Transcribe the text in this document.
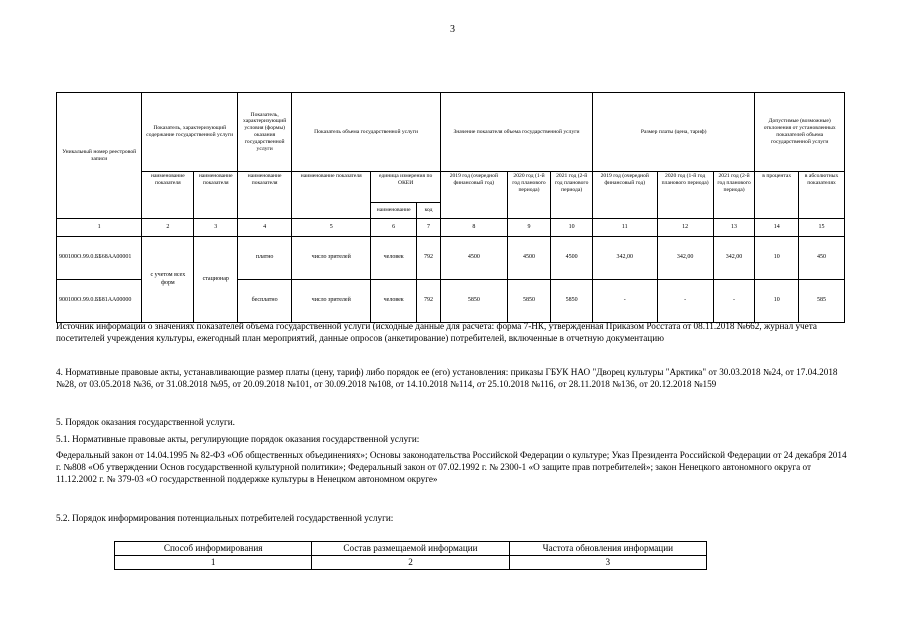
3
Уникальный номер реестровой записи	Показатель, характеризующий содержание государственной услуги		Показатель, характеризующий условия (формы) оказания государственной услуги	Показатель объема государственной услуги			Значение показателя объема государственной услуги			Размер платы (цена, тариф)			Допустимые (возможные) отклонения от установленных показателей объема государственной услуги	
	наименование показателя	наименование показателя	наименование показателя	наименование показателя	единица измерения по ОКЕИ		2019 год (очередной финансовый год)	2020 год (1-й год планового периода)	2021 год (2-й год планового периода)	2019 год (очередной финансовый год)	2020 год (1-й год планового периода)	2021 год (2-й год планового периода)	в процентах	в абсолютных показателях
					наименование	код								
1	2	3	4	5	6	7	8	9	10	11	12	13	14	15
900100О.99.0.ББ68АА00001	с учетом всех форм	стационар	платно	число зрителей	человек	792	4500	4500	4500	342,00	342,00	342,00	10	450
900100О.99.0.ББ81АА00000			бесплатно	число зрителей	человек	792	5850	5850	5850	-	-	-	10	585
Источник информации о значениях показателей объема государственной услуги (исходные данные для расчета: форма 7-НК, утвержденная Приказом Росстата от 08.11.2018 №662, журнал учета посетителей учреждения культуры, ежегодный план мероприятий, данные опросов (анкетирование) потребителей, включенные в отчетную документацию
4. Нормативные правовые акты, устанавливающие размер платы (цену, тариф) либо порядок ее (его) установления: приказы ГБУК НАО "Дворец культуры "Арктика" от 30.03.2018 №24, от 17.04.2018 №28, от 03.05.2018 №36, от 31.08.2018 №95, от 20.09.2018 №101, от 30.09.2018 №108, от 14.10.2018 №114, от 25.10.2018 №116, от 28.11.2018 №136, от 20.12.2018 №159
5. Порядок оказания государственной услуги.
5.1. Нормативные правовые акты, регулирующие порядок оказания государственной услуги:
Федеральный закон от 14.04.1995 № 82-ФЗ «Об общественных объединениях»; Основы законодательства Российской Федерации о культуре; Указ Президента Российской Федерации от 24 декабря 2014 г. №808 «Об утверждении Основ государственной культурной политики»; Федеральный закон от 07.02.1992 г. № 2300-1 «О защите прав потребителей»; закон Ненецкого автономного округа от 11.12.2002 г. № 379-03 «О государственной поддержке культуры в Ненецком автономном округе»
5.2. Порядок информирования потенциальных потребителей государственной услуги:
Способ информирования	Состав размещаемой информации	Частота обновления информации
1	2	3
